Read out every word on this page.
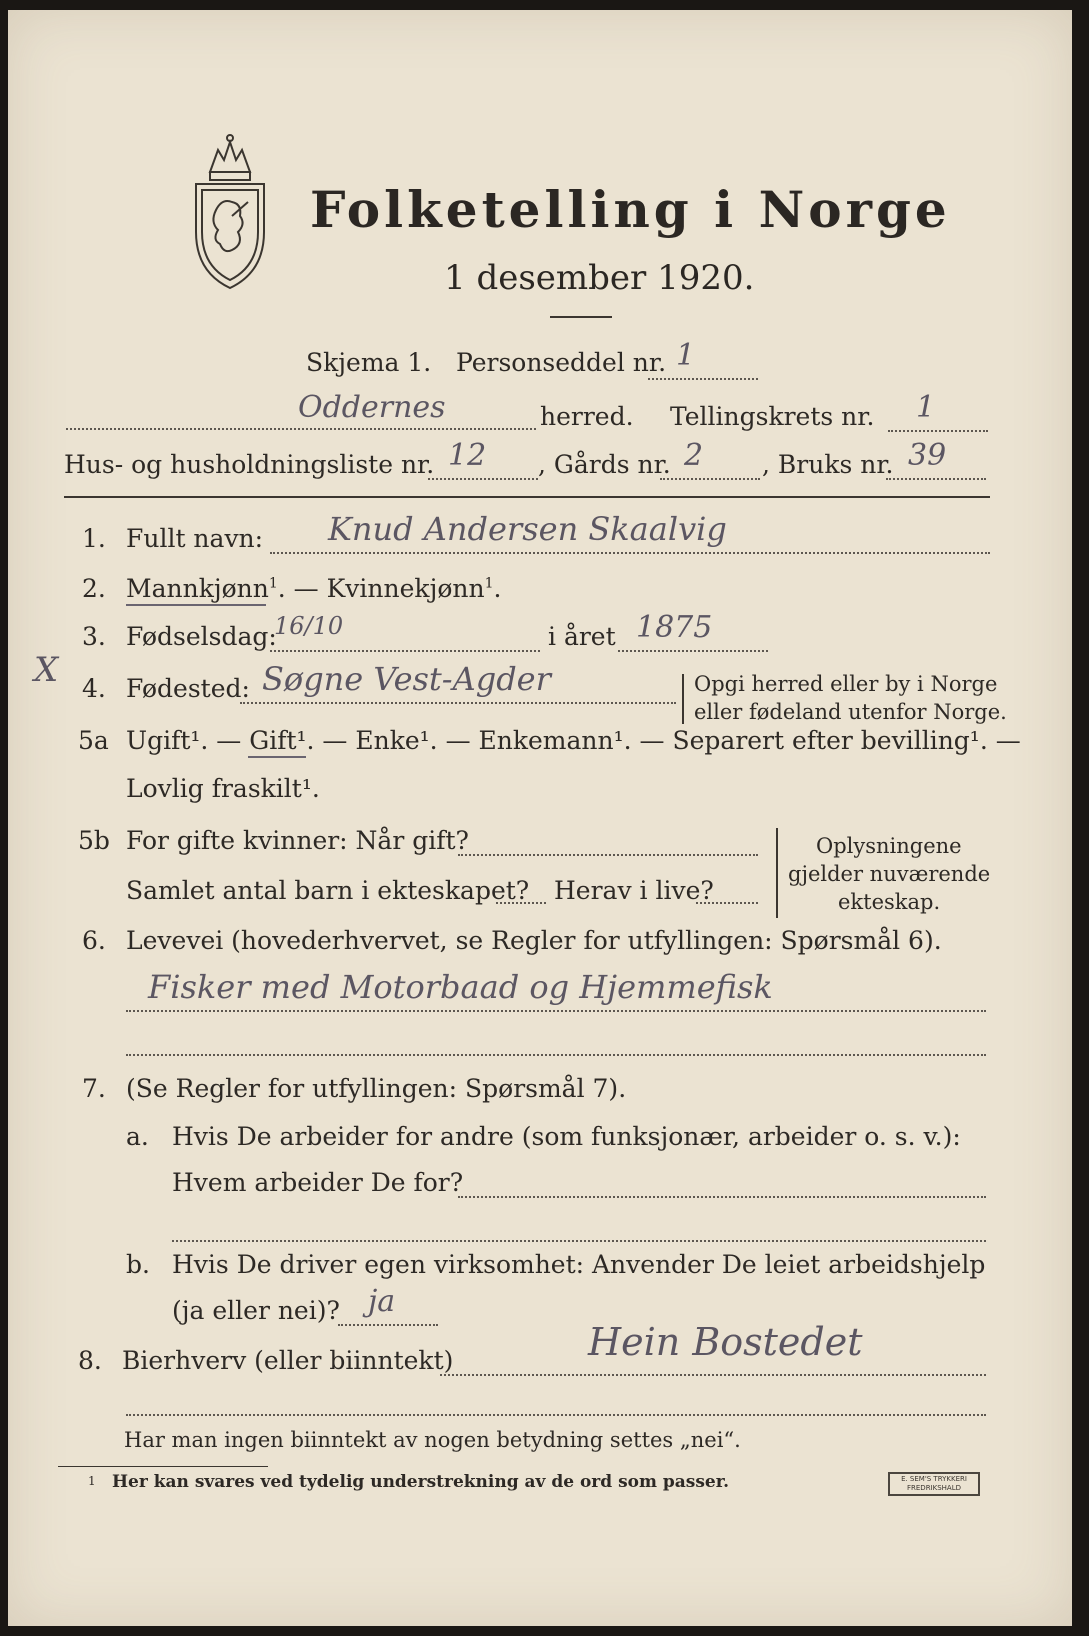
Folketelling i Norge
1 desember 1920.
Skjema 1. Personseddel nr. 1
Oddernes	herred. Tellingskrets nr. 1
Hus- og husholdningsliste nr. 12 , Gårds nr. 2 , Bruks nr. 39
1. Fullt navn: Knud Andersen Skaalvig
2. Mannkjønn$^1$. — Kvinnekjønn$^1$.
3. Fødselsdag:
16/10	i året 1875
X 4. Fødested: Søgne Vest-Agder	Opgi herred eller by i Norge
eller fødeland utenfor Norge.
5a Ugift¹. — Gift¹. — Enke¹. — Enkemann¹. — Separert efter bevilling¹. —
Lovlig fraskilt¹.
5b For gifte kvinner: Når gift?
Samlet antal barn i ekteskapet? Herav i live?
Oplysningene
gjelder nuværende
ekteskap.
6. Levevei (hovederhvervet, se Regler for utfyllingen: Spørsmål 6).
Fisker med Motorbaad og Hjemmefisk
7. (Se Regler for utfyllingen: Spørsmål 7).
a. Hvis De arbeider for andre (som funksjonær, arbeider o. s. v.):
Hvem arbeider De for?
b. Hvis De driver egen virksomhet: Anvender De leiet arbeidshjelp
(ja eller nei)? ja
8. Bierhverv (eller biinntekt)	Hein Bostedet
Har man ingen biinntekt av nogen betydning settes „nei“.
1 Her kan svares ved tydelig understrekning av de ord som passer.	E. SEM'S TRYKKERI
FREDRIKSHALD
